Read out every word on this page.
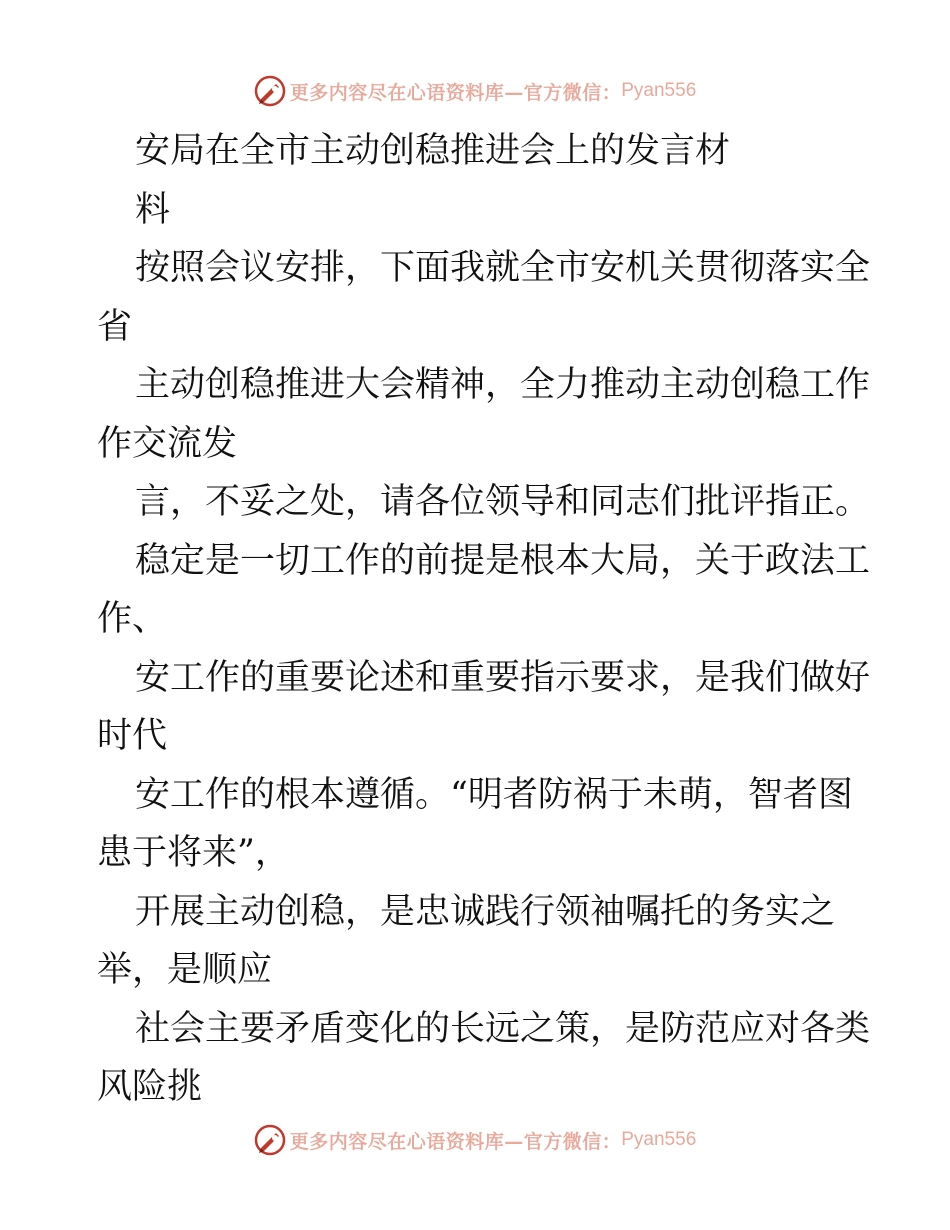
更多内容尽在心语资料库—官方微信： Pyan556
安局在全市主动创稳推进会上的发言材
料
按照会议安排，下面我就全市安机关贯彻落实全
省
主动创稳推进大会精神，全力推动主动创稳工作
作交流发
言，不妥之处，请各位领导和同志们批评指正。
稳定是一切工作的前提是根本大局，关于政法工
作、
安工作的重要论述和重要指示要求，是我们做好
时代
安工作的根本遵循。“明者防祸于未萌，智者图
患于将来”，
开展主动创稳，是忠诚践行领袖嘱托的务实之
举，是顺应
社会主要矛盾变化的长远之策，是防范应对各类
风险挑
更多内容尽在心语资料库—官方微信： Pyan556
